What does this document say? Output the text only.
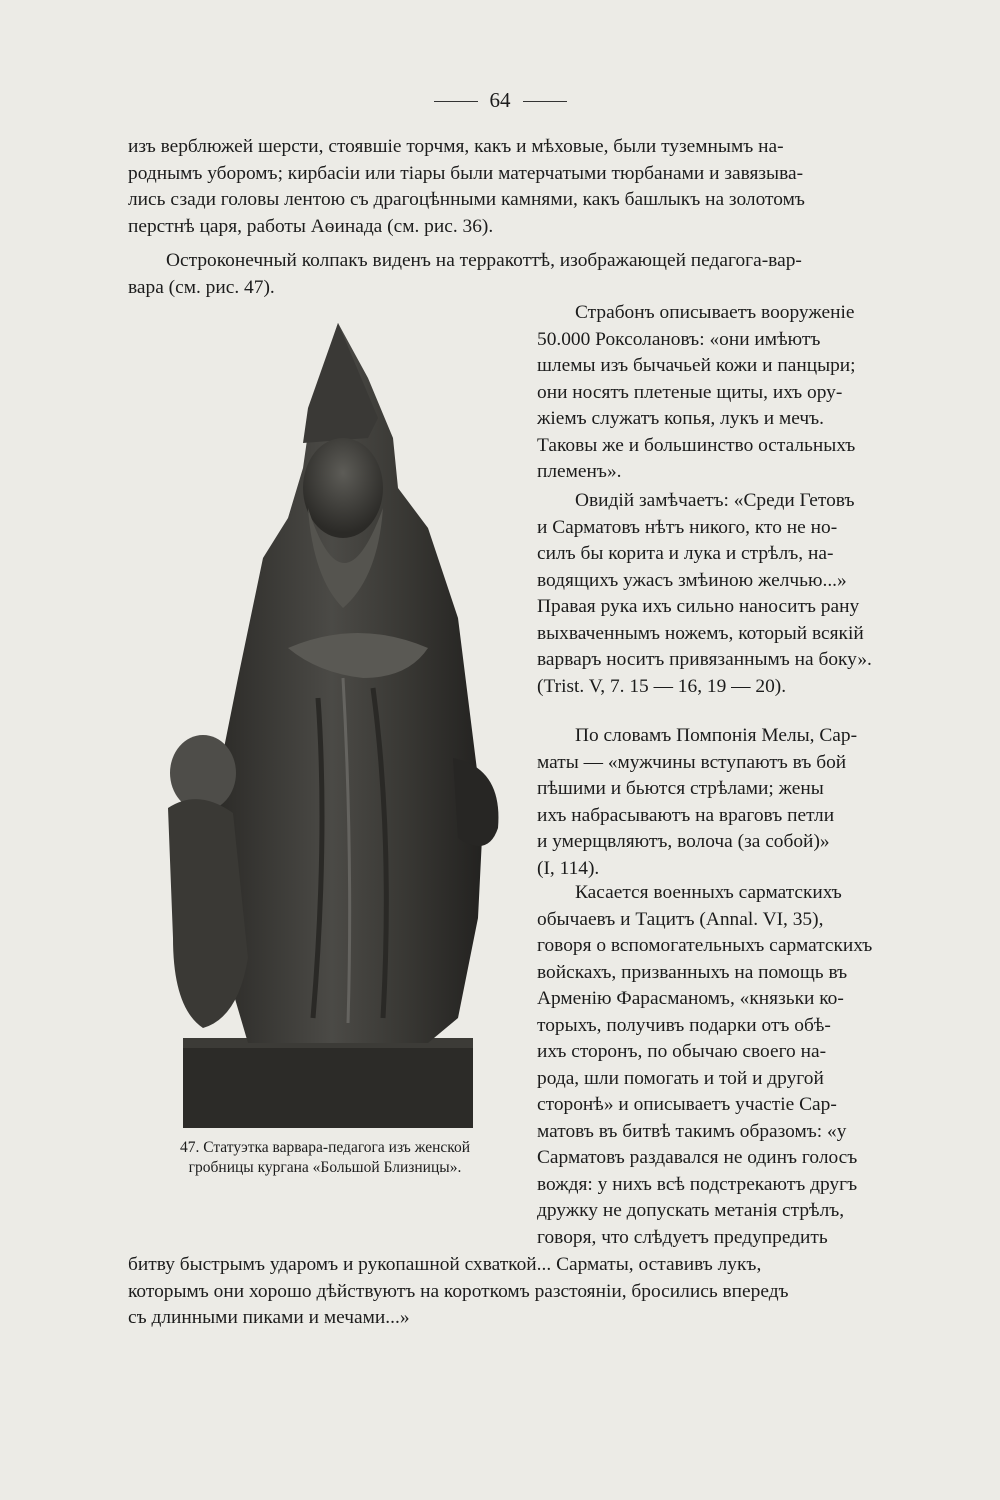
64

изъ верблюжей шерсти, стоявшіе торчмя, какъ и мѣховые, были туземнымъ на-
роднымъ уборомъ; кирбасіи или тіары были матерчатыми тюрбанами и завязыва-
лись сзади головы лентою съ драгоцѣнными камнями, какъ башлыкъ на золотомъ
перстнѣ царя, работы Аѳинада (см. рис. 36).

Остроконечный колпакъ виденъ на терракоттѣ, изображающей педагога-вар-
вара (см. рис. 47).

47. Статуэтка варвара-педагога изъ женской
гробницы кургана «Большой Близницы».

Страбонъ описываетъ вооруженіе
50.000 Роксолановъ: «они имѣютъ
шлемы изъ бычачьей кожи и панцыри;
они носятъ плетеные щиты, ихъ ору-
жіемъ служатъ копья, лукъ и мечъ.
Таковы же и большинство остальныхъ
племенъ».

Овидій замѣчаетъ: «Среди Гетовъ
и Сарматовъ нѣтъ никого, кто не но-
силъ бы корита и лука и стрѣлъ, на-
водящихъ ужасъ змѣиною желчью...»
Правая рука ихъ сильно наноситъ рану
выхваченнымъ ножемъ, который всякій
варваръ носитъ привязаннымъ на боку».
(Trist. V, 7. 15 — 16, 19 — 20).

По словамъ Помпонія Мелы, Сар-
маты — «мужчины вступаютъ въ бой
пѣшими и бьются стрѣлами; жены
ихъ набрасываютъ на враговъ петли
и умерщвляютъ, волоча (за собой)»
(I, 114).

Касается военныхъ сарматскихъ
обычаевъ и Тацитъ (Annal. VI, 35),
говоря о вспомогательныхъ сарматскихъ
войскахъ, призванныхъ на помощь въ
Арменію Фарасманомъ, «князьки ко-
торыхъ, получивъ подарки отъ обѣ-
ихъ сторонъ, по обычаю своего на-
рода, шли помогать и той и другой
сторонѣ» и описываетъ участіе Сар-
матовъ въ битвѣ такимъ образомъ: «у
Сарматовъ раздавался не одинъ голосъ
вождя: у нихъ всѣ подстрекаютъ другъ
дружку не допускать метанія стрѣлъ,
говоря, что слѣдуетъ предупредить

битву быстрымъ ударомъ и рукопашной схваткой... Сарматы, оставивъ лукъ,
которымъ они хорошо дѣйствуютъ на короткомъ разстояніи, бросились впередъ
съ длинными пиками и мечами...»
